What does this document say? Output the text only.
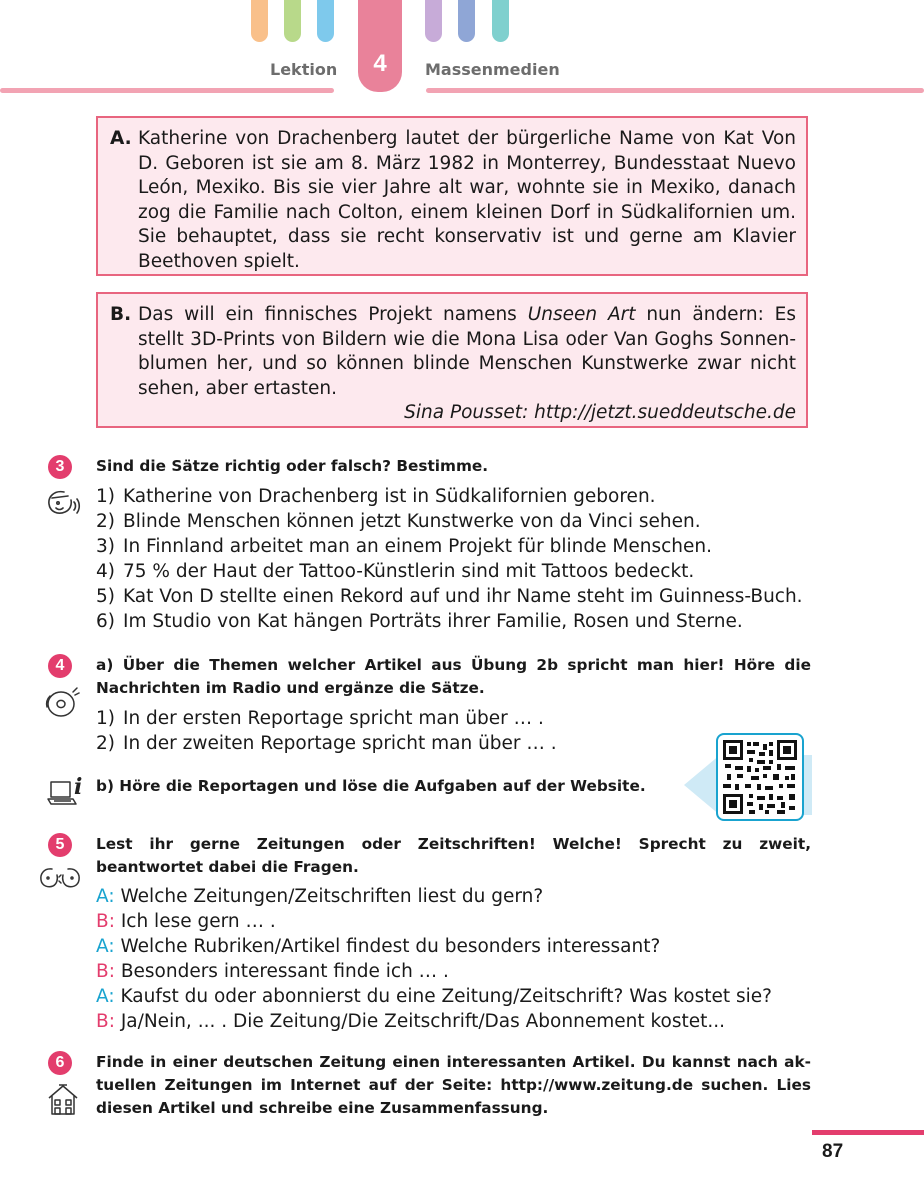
4
Lektion	Massenmedien
A. Katherine von Drachenberg lautet der bürgerliche Name von Kat Von D. Geboren ist sie am 8. März 1982 in Monterrey, Bundesstaat Nuevo León, Mexiko. Bis sie vier Jahre alt war, wohnte sie in Mexiko, danach zog die Familie nach Colton, einem kleinen Dorf in Südkalifornien um. Sie behauptet, dass sie recht konservativ ist und gerne am Klavier Beethoven spielt.
B. Das will ein finnisches Projekt namens Unseen Art nun ändern: Es stellt 3D-Prints von Bildern wie die Mona Lisa oder Van Goghs Sonnenblumen her, und so können blinde Menschen Kunstwerke zwar nicht sehen, aber ertasten.
Sina Pousset: http://jetzt.sueddeutsche.de
3	Sind die Sätze richtig oder falsch? Bestimme.
1) Katherine von Drachenberg ist in Südkalifornien geboren.
2) Blinde Menschen können jetzt Kunstwerke von da Vinci sehen.
3) In Finnland arbeitet man an einem Projekt für blinde Menschen.
4) 75 % der Haut der Tattoo-Künstlerin sind mit Tattoos bedeckt.
5) Kat Von D stellte einen Rekord auf und ihr Name steht im Guinness-Buch.
6) Im Studio von Kat hängen Porträts ihrer Familie, Rosen und Sterne.
4	a) Über die Themen welcher Artikel aus Übung 2b spricht man hier! Höre die Nachrichten im Radio und ergänze die Sätze.
1) In der ersten Reportage spricht man über … .
2) In der zweiten Reportage spricht man über … .
i b) Höre die Reportagen und löse die Aufgaben auf der Website.
5	Lest ihr gerne Zeitungen oder Zeitschriften! Welche! Sprecht zu zweit, beantwortet dabei die Fragen.
A: Welche Zeitungen/Zeitschriften liest du gern?
B: Ich lese gern … .
A: Welche Rubriken/Artikel findest du besonders interessant?
B: Besonders interessant finde ich … .
A: Kaufst du oder abonnierst du eine Zeitung/Zeitschrift? Was kostet sie?
B: Ja/Nein, ... . Die Zeitung/Die Zeitschrift/Das Abonnement kostet...
6	Finde in einer deutschen Zeitung einen interessanten Artikel. Du kannst nach aktuellen Zeitungen im Internet auf der Seite: http://www.zeitung.de suchen. Lies diesen Artikel und schreibe eine Zusammenfassung.
87
